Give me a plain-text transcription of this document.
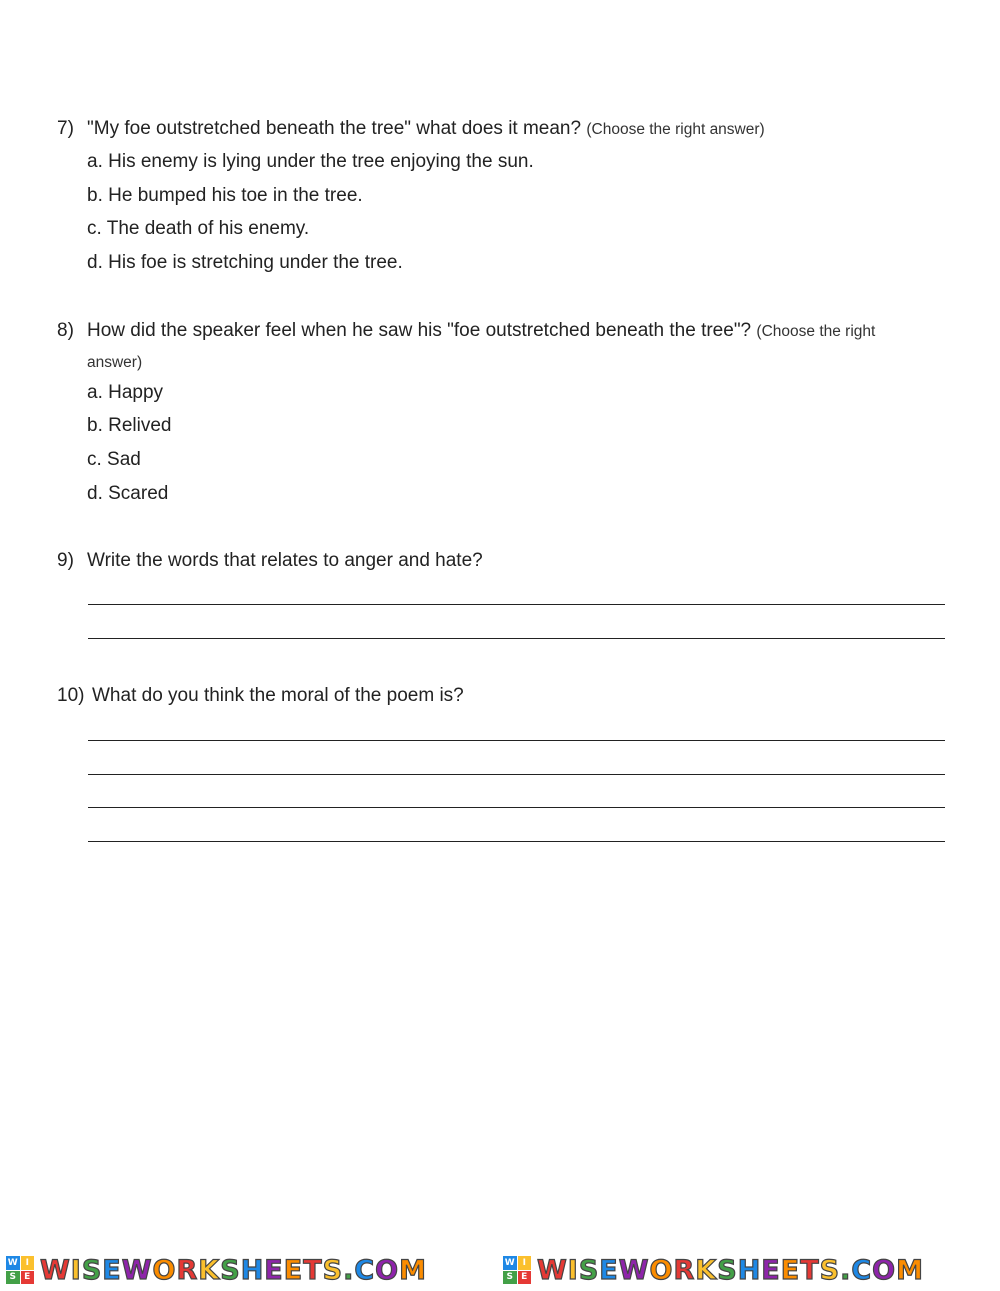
7) "My foe outstretched beneath the tree" what does it mean? (Choose the right answer)
a. His enemy is lying under the tree enjoying the sun.
b. He bumped his toe in the tree.
c. The death of his enemy.
d. His foe is stretching under the tree.
8) How did the speaker feel when he saw his "foe outstretched beneath the tree"? (Choose the right
answer)
a. Happy
b. Relived
c. Sad
d. Scared
9) Write the words that relates to anger and hate?
10) What do you think the moral of the poem is?
W I
S E WISEWORKSHEETS.COM	W I
S E WISEWORKSHEETS.COM
